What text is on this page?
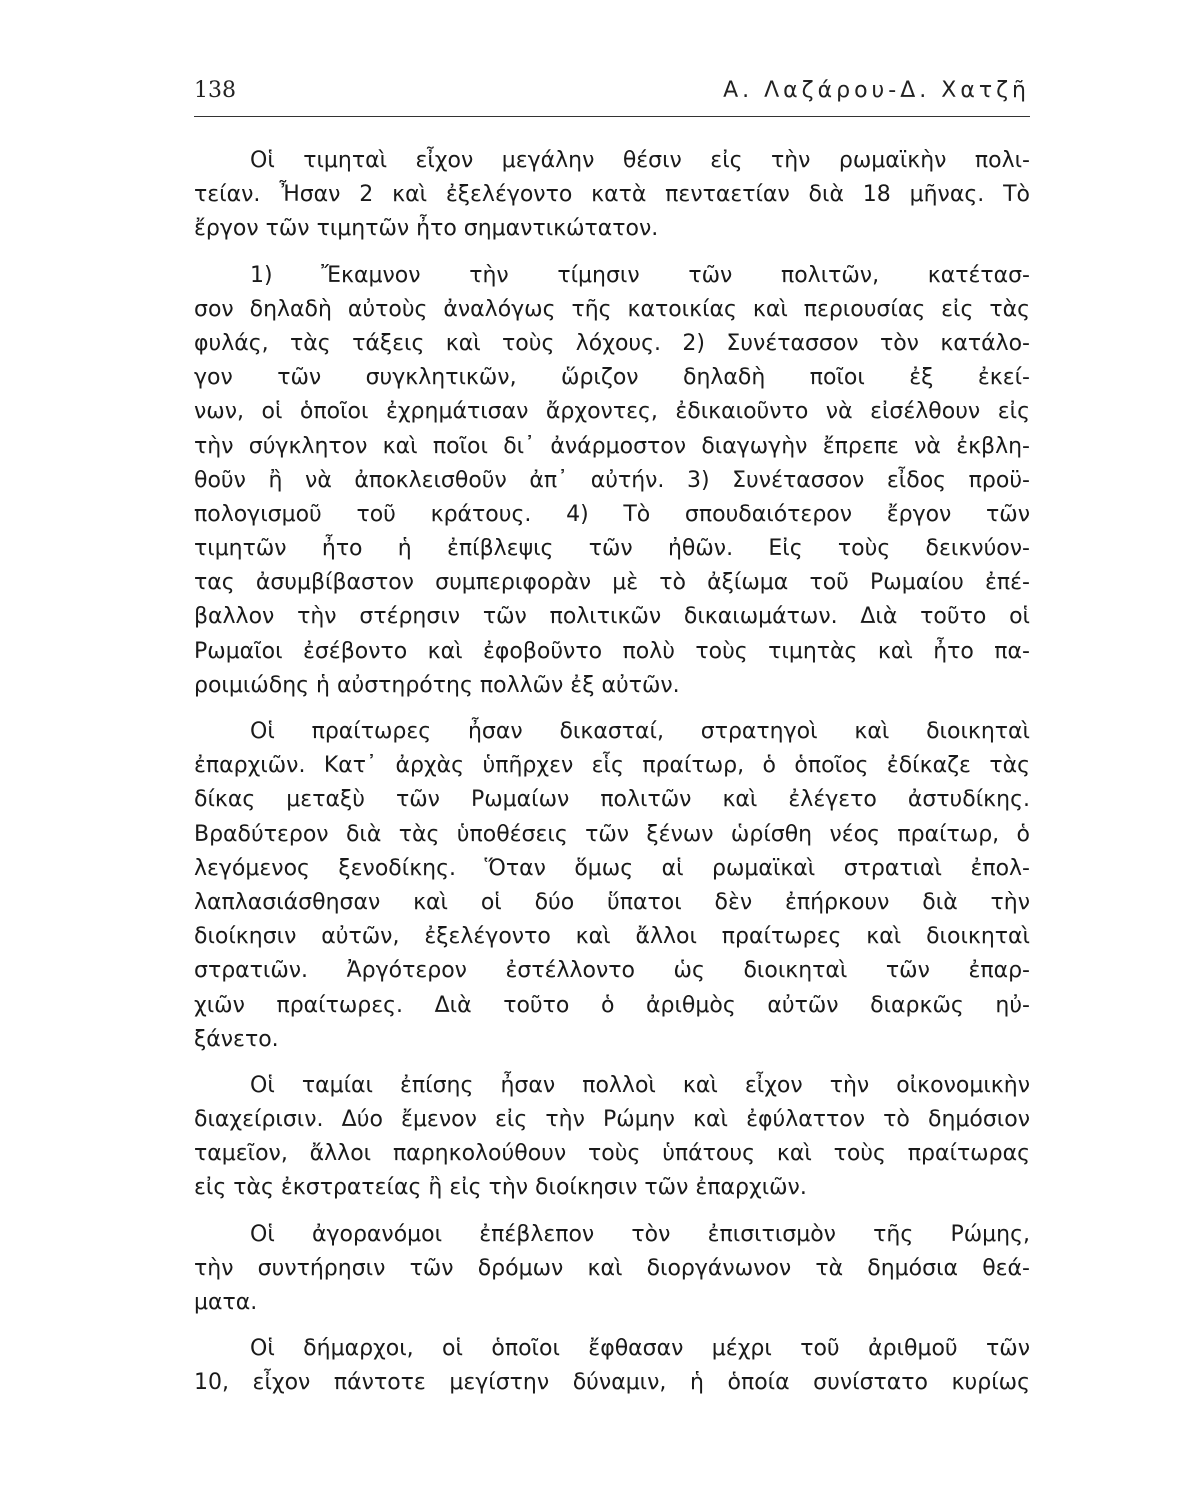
138	Α. Λαζάρου-Δ. Χατζῆ
Οἱ τιμηταὶ εἶχον μεγάλην θέσιν εἰς τὴν ρωμαϊκὴν πολι-
τείαν. Ἦσαν 2 καὶ ἐξελέγοντο κατὰ πενταετίαν διὰ 18 μῆνας. Τὸ
ἔργον τῶν τιμητῶν ἦτο σημαντικώτατον.
1) Ἔκαμνον τὴν τίμησιν τῶν πολιτῶν, κατέτασ-
σον δηλαδὴ αὐτοὺς ἀναλόγως τῆς κατοικίας καὶ περιουσίας εἰς τὰς
φυλάς, τὰς τάξεις καὶ τοὺς λόχους. 2) Συνέτασσον τὸν κατάλο-
γον τῶν συγκλητικῶν, ὥριζον δηλαδὴ ποῖοι ἐξ ἐκεί-
νων, οἱ ὁποῖοι ἐχρημάτισαν ἄρχοντες, ἐδικαιοῦντο νὰ εἰσέλθουν εἰς
τὴν σύγκλητον καὶ ποῖοι δι᾽ ἀνάρμοστον διαγωγὴν ἔπρεπε νὰ ἐκβλη-
θοῦν ἢ νὰ ἀποκλεισθοῦν ἀπ᾽ αὐτήν. 3) Συνέτασσον εἶδος προϋ-
πολογισμοῦ τοῦ κράτους. 4) Τὸ σπουδαιότερον ἔργον τῶν
τιμητῶν ἦτο ἡ ἐπίβλεψις τῶν ἠθῶν. Εἰς τοὺς δεικνύον-
τας ἀσυμβίβαστον συμπεριφορὰν μὲ τὸ ἀξίωμα τοῦ Ρωμαίου ἐπέ-
βαλλον τὴν στέρησιν τῶν πολιτικῶν δικαιωμάτων. Διὰ τοῦτο οἱ
Ρωμαῖοι ἐσέβοντο καὶ ἐφοβοῦντο πολὺ τοὺς τιμητὰς καὶ ἦτο πα-
ροιμιώδης ἡ αὐστηρότης πολλῶν ἐξ αὐτῶν.
Οἱ πραίτωρες ἦσαν δικασταί, στρατηγοὶ καὶ διοικηταὶ
ἐπαρχιῶν. Κατ᾽ ἀρχὰς ὑπῆρχεν εἷς πραίτωρ, ὁ ὁποῖος ἐδίκαζε τὰς
δίκας μεταξὺ τῶν Ρωμαίων πολιτῶν καὶ ἐλέγετο ἀστυδίκης.
Βραδύτερον διὰ τὰς ὑποθέσεις τῶν ξένων ὡρίσθη νέος πραίτωρ, ὁ
λεγόμενος ξενοδίκης. Ὅταν ὅμως αἱ ρωμαϊκαὶ στρατιαὶ ἐπολ-
λαπλασιάσθησαν καὶ οἱ δύο ὕπατοι δὲν ἐπήρκουν διὰ τὴν
διοίκησιν αὐτῶν, ἐξελέγοντο καὶ ἄλλοι πραίτωρες καὶ διοικηταὶ
στρατιῶν. Ἀργότερον ἐστέλλοντο ὡς διοικηταὶ τῶν ἐπαρ-
χιῶν πραίτωρες. Διὰ τοῦτο ὁ ἀριθμὸς αὐτῶν διαρκῶς ηὐ-
ξάνετο.
Οἱ ταμίαι ἐπίσης ἦσαν πολλοὶ καὶ εἶχον τὴν οἰκονομικὴν
διαχείρισιν. Δύο ἔμενον εἰς τὴν Ρώμην καὶ ἐφύλαττον τὸ δημόσιον
ταμεῖον, ἄλλοι παρηκολούθουν τοὺς ὑπάτους καὶ τοὺς πραίτωρας
εἰς τὰς ἐκστρατείας ἢ εἰς τὴν διοίκησιν τῶν ἐπαρχιῶν.
Οἱ ἀγορανόμοι ἐπέβλεπον τὸν ἐπισιτισμὸν τῆς Ρώμης,
τὴν συντήρησιν τῶν δρόμων καὶ διοργάνωνον τὰ δημόσια θεά-
ματα.
Οἱ δήμαρχοι, οἱ ὁποῖοι ἔφθασαν μέχρι τοῦ ἀριθμοῦ τῶν
10, εἶχον πάντοτε μεγίστην δύναμιν, ἡ ὁποία συνίστατο κυρίως
